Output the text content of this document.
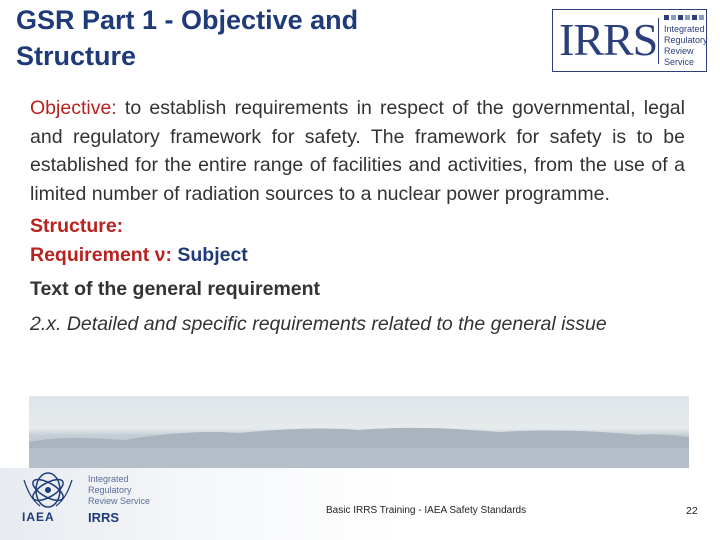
GSR Part 1 - Objective and
Structure	IRRS Integrated
Regulatory
Review
Service

Objective: to establish requirements in respect of the governmental, legal and regulatory framework for safety. The framework for safety is to be established for the entire range of facilities and activities, from the use of a limited number of radiation sources to a nuclear power programme.

Structure:

Requirement ν: Subject

Text of the general requirement

2.x. Detailed and specific requirements related to the general issue

IAEA
Integrated
Regulatory
Review Service
IRRS	Basic IRRS Training - IAEA Safety Standards	22
